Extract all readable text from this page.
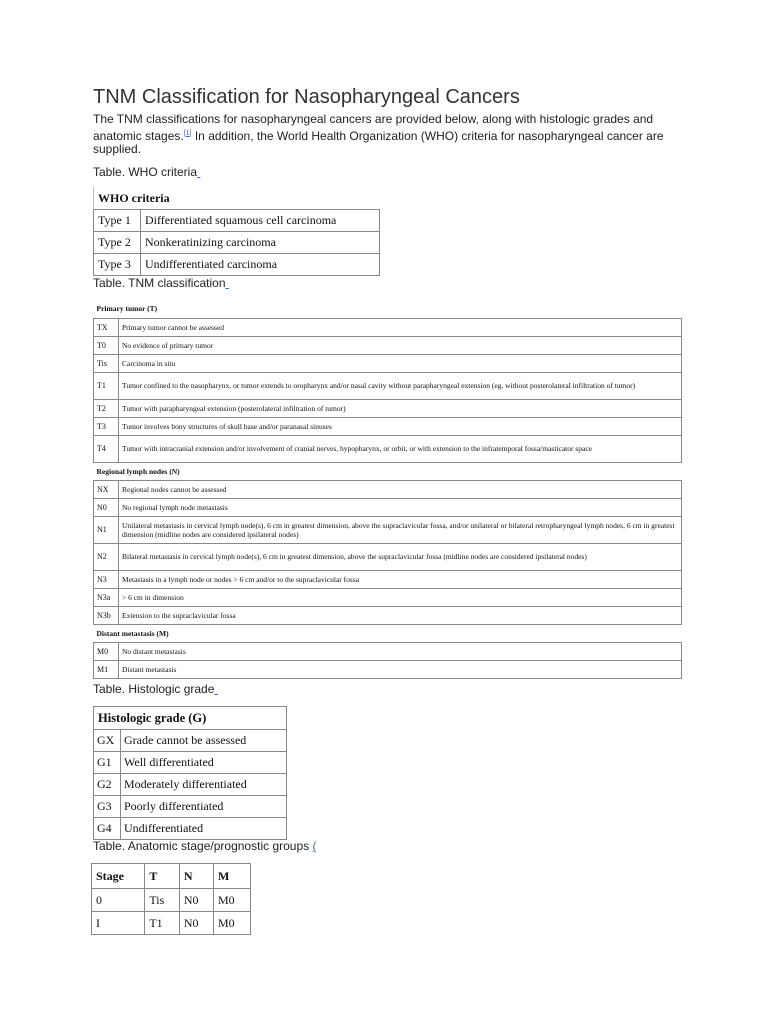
TNM Classification for Nasopharyngeal Cancers
The TNM classifications for nasopharyngeal cancers are provided below, along with histologic grades and anatomic stages.[1] In addition, the World Health Organization (WHO) criteria for nasopharyngeal cancer are supplied.
Table. WHO criteria
WHO criteria	
Type 1	Differentiated squamous cell carcinoma
Type 2	Nonkeratinizing carcinoma
Type 3	Undifferentiated carcinoma
Table. TNM classification
Primary tumor (T)	
TX	Primary tumor cannot be assessed
T0	No evidence of primary tumor
Tis	Carcinoma in situ
T1	Tumor confined to the nasopharynx, or tumor extends to oropharynx and/or nasal cavity without parapharyngeal extension (eg, without posterolateral infiltration of tumor)
T2	Tumor with parapharyngeal extension (posterolateral infiltration of tumor)
T3	Tumor involves bony structures of skull base and/or paranasal sinuses
T4	Tumor with intracranial extension and/or involvement of cranial nerves, hypopharynx, or orbit, or with extension to the infratemporal fossa/masticator space
Regional lymph nodes (N)	
NX	Regional nodes cannot be assessed
N0	No regional lymph node metastasis
N1	Unilateral metastasis in cervical lymph node(s), 6 cm in greatest dimension, above the supraclavicular fossa, and/or unilateral or bilateral retropharyngeal lymph nodes, 6 cm in greatest dimension (midline nodes are considered ipsilateral nodes)
N2	Bilateral metastasis in cervical lymph node(s), 6 cm in greatest dimension, above the supraclavicular fossa (midline nodes are considered ipsilateral nodes)
N3	Metastasis in a lymph node or nodes > 6 cm and/or to the supraclavicular fossa
N3a	> 6 cm in dimension
N3b	Extension to the supraclavicular fossa
Distant metastasis (M)	
M0	No distant metastasis
M1	Distant metastasis
Table. Histologic grade
Histologic grade (G)	
GX	Grade cannot be assessed
G1	Well differentiated
G2	Moderately differentiated
G3	Poorly differentiated
G4	Undifferentiated
Table. Anatomic stage/prognostic groups (
Stage	T	N	M
0	Tis	N0	M0
I	T1	N0	M0
